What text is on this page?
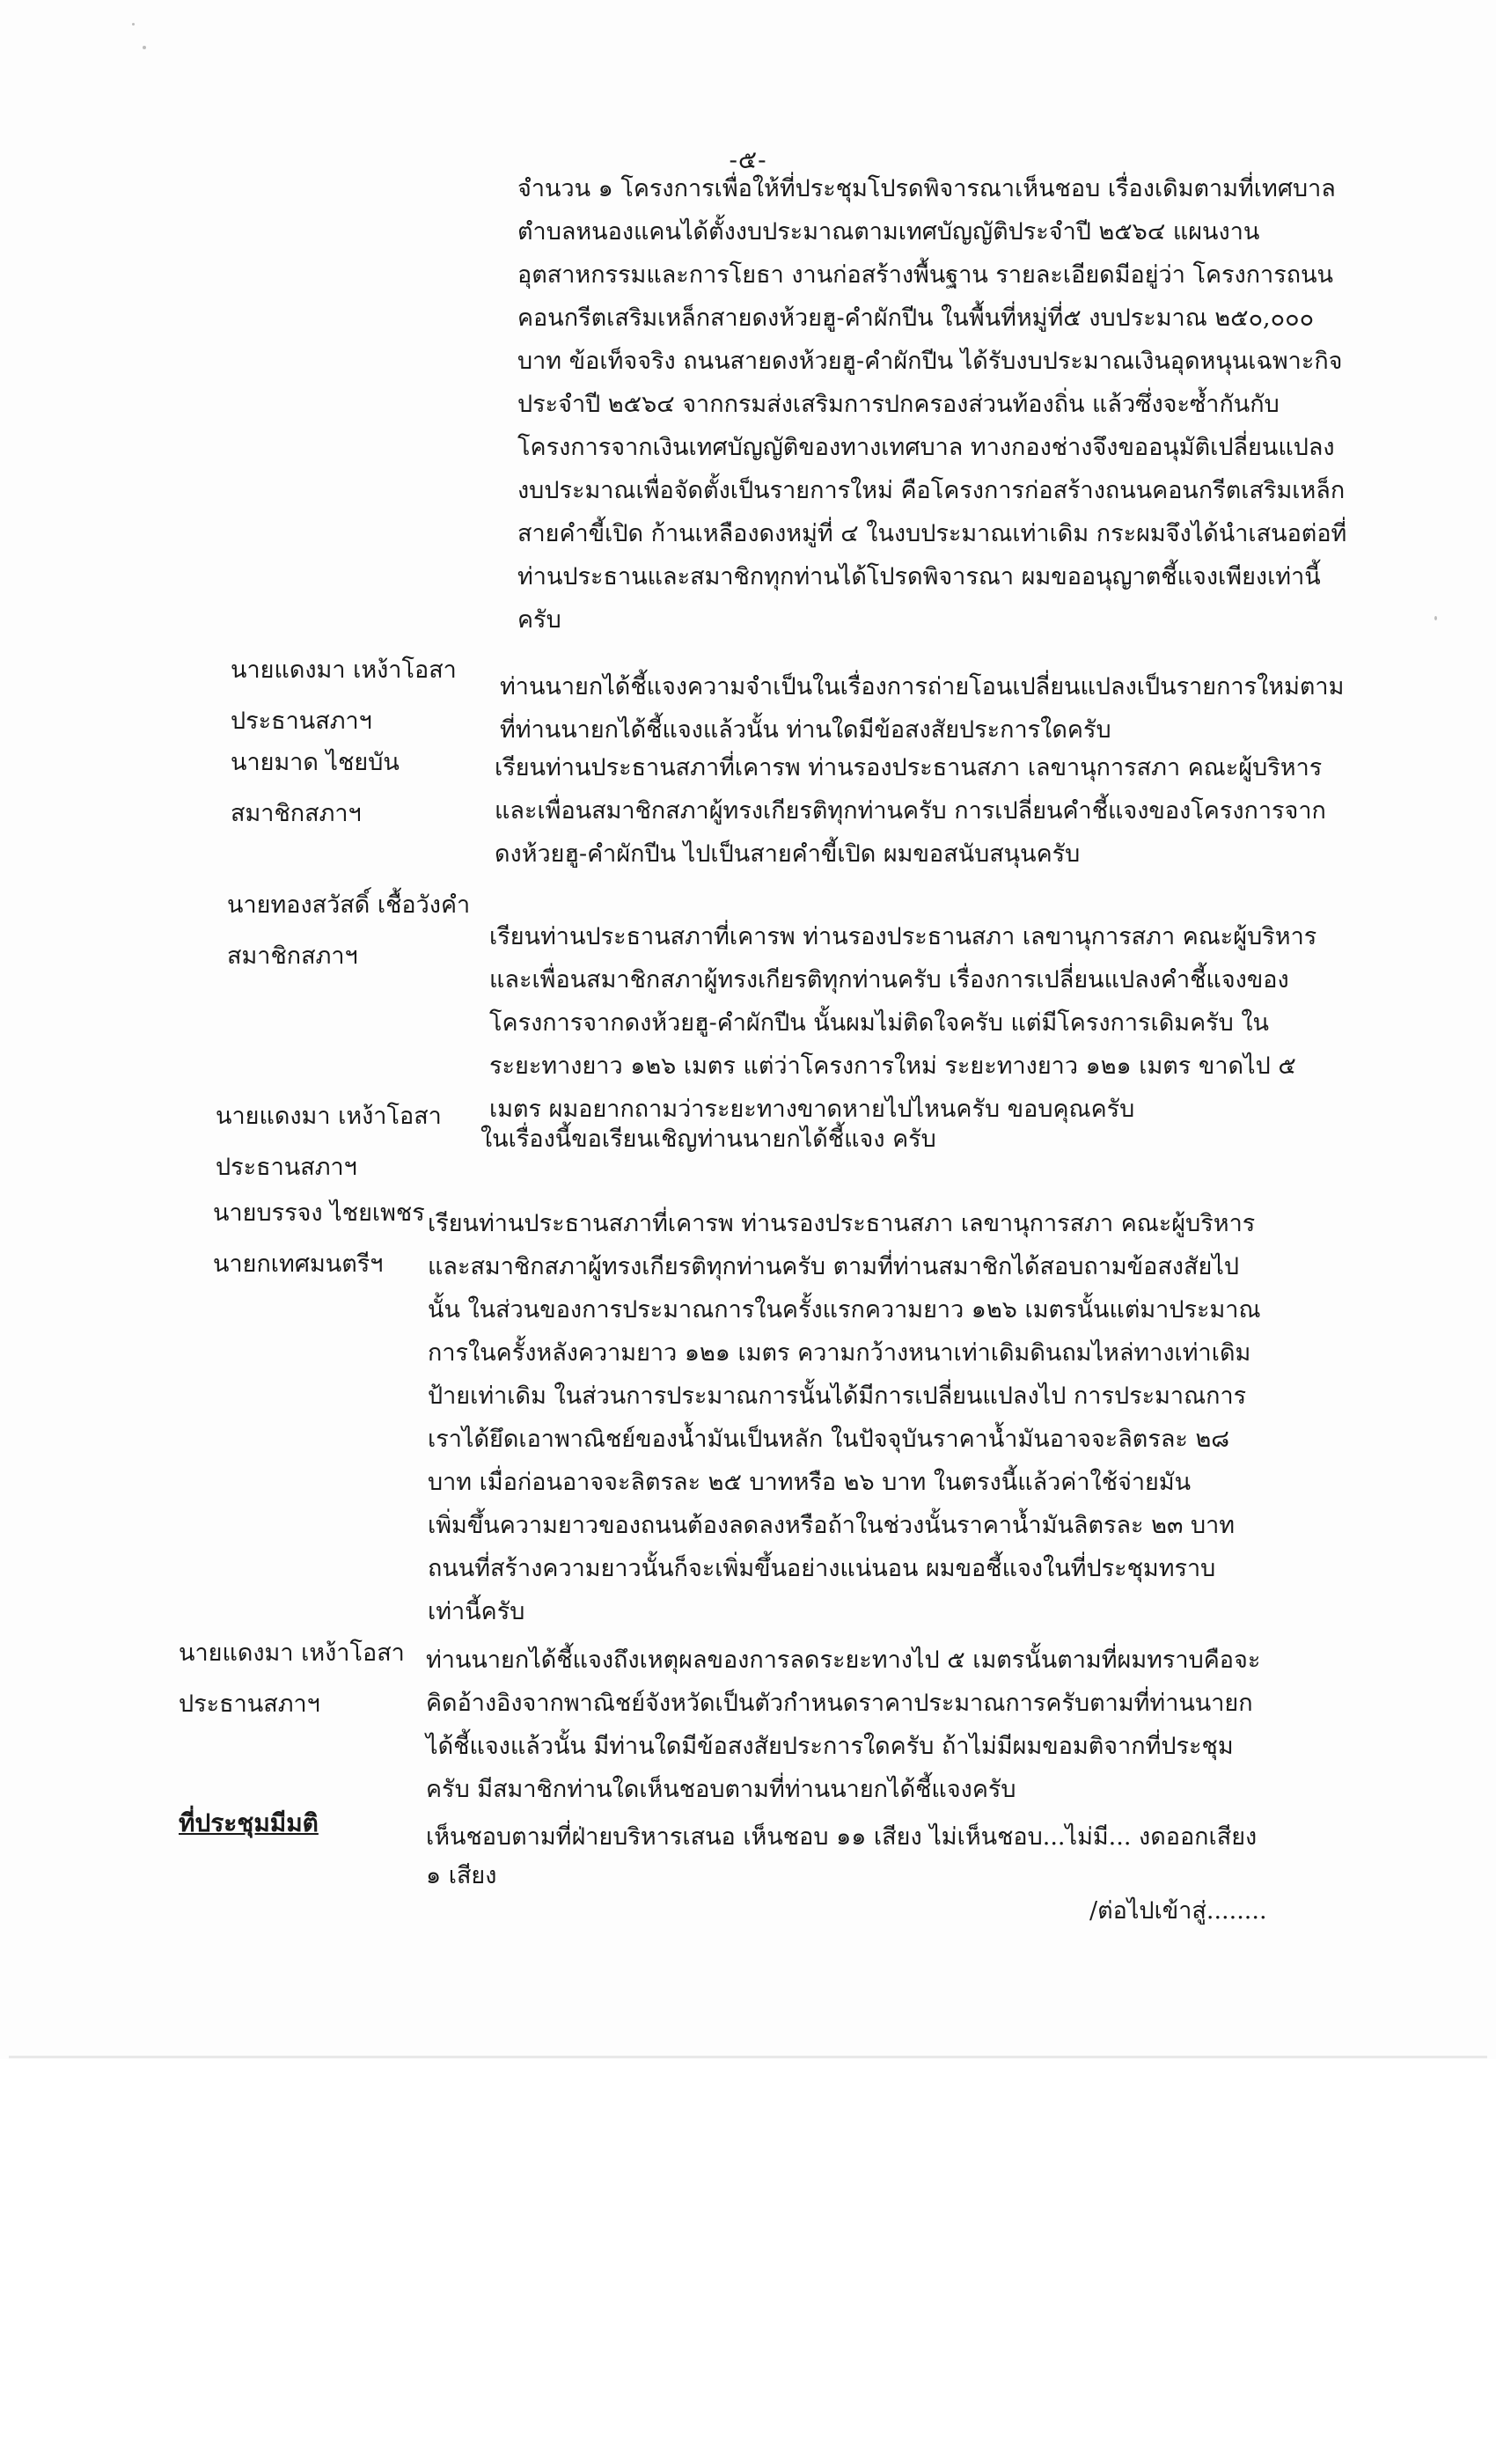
-๕-
จำนวน ๑ โครงการเพื่อให้ที่ประชุมโปรดพิจารณาเห็นชอบ เรื่องเดิมตามที่เทศบาล
ตำบลหนองแคนได้ตั้งงบประมาณตามเทศบัญญัติประจำปี ๒๕๖๔ แผนงาน
อุตสาหกรรมและการโยธา งานก่อสร้างพื้นฐาน รายละเอียดมีอยู่ว่า โครงการถนน
คอนกรีตเสริมเหล็กสายดงห้วยฮู-คำผักปีน ในพื้นที่หมู่ที่๕ งบประมาณ ๒๕๐,๐๐๐
บาท ข้อเท็จจริง ถนนสายดงห้วยฮู-คำผักปีน ได้รับงบประมาณเงินอุดหนุนเฉพาะกิจ
ประจำปี ๒๕๖๔ จากกรมส่งเสริมการปกครองส่วนท้องถิ่น แล้วซึ่งจะซ้ำกันกับ
โครงการจากเงินเทศบัญญัติของทางเทศบาล ทางกองช่างจึงขออนุมัติเปลี่ยนแปลง
งบประมาณเพื่อจัดตั้งเป็นรายการใหม่ คือโครงการก่อสร้างถนนคอนกรีตเสริมเหล็ก
สายคำขี้เปิด ก้านเหลืองดงหมู่ที่ ๔ ในงบประมาณเท่าเดิม กระผมจึงได้นำเสนอต่อที่
ท่านประธานและสมาชิกทุกท่านได้โปรดพิจารณา ผมขออนุญาตชี้แจงเพียงเท่านี้
ครับ
นายแดงมา เหง้าโอสา
ประธานสภาฯ
ท่านนายกได้ชี้แจงความจำเป็นในเรื่องการถ่ายโอนเปลี่ยนแปลงเป็นรายการใหม่ตาม
ที่ท่านนายกได้ชี้แจงแล้วนั้น ท่านใดมีข้อสงสัยประการใดครับ
นายมาด ไชยบัน
สมาชิกสภาฯ
เรียนท่านประธานสภาที่เคารพ ท่านรองประธานสภา เลขานุการสภา คณะผู้บริหาร
และเพื่อนสมาชิกสภาผู้ทรงเกียรติทุกท่านครับ การเปลี่ยนคำชี้แจงของโครงการจาก
ดงห้วยฮู-คำผักปีน ไปเป็นสายคำขี้เปิด ผมขอสนับสนุนครับ
นายทองสวัสดิ์ เชื้อวังคำ
สมาชิกสภาฯ
เรียนท่านประธานสภาที่เคารพ ท่านรองประธานสภา เลขานุการสภา คณะผู้บริหาร
และเพื่อนสมาชิกสภาผู้ทรงเกียรติทุกท่านครับ เรื่องการเปลี่ยนแปลงคำชี้แจงของ
โครงการจากดงห้วยฮู-คำผักปีน นั้นผมไม่ติดใจครับ แต่มีโครงการเดิมครับ ใน
ระยะทางยาว ๑๒๖ เมตร แต่ว่าโครงการใหม่ ระยะทางยาว ๑๒๑ เมตร ขาดไป ๕
เมตร ผมอยากถามว่าระยะทางขาดหายไปไหนครับ ขอบคุณครับ
นายแดงมา เหง้าโอสา
ประธานสภาฯ
ในเรื่องนี้ขอเรียนเชิญท่านนายกได้ชี้แจง ครับ
นายบรรจง ไชยเพชร
นายกเทศมนตรีฯ
เรียนท่านประธานสภาที่เคารพ ท่านรองประธานสภา เลขานุการสภา คณะผู้บริหาร
และสมาชิกสภาผู้ทรงเกียรติทุกท่านครับ ตามที่ท่านสมาชิกได้สอบถามข้อสงสัยไป
นั้น ในส่วนของการประมาณการในครั้งแรกความยาว ๑๒๖ เมตรนั้นแต่มาประมาณ
การในครั้งหลังความยาว ๑๒๑ เมตร ความกว้างหนาเท่าเดิมดินถมไหล่ทางเท่าเดิม
ป้ายเท่าเดิม ในส่วนการประมาณการนั้นได้มีการเปลี่ยนแปลงไป การประมาณการ
เราได้ยึดเอาพาณิชย์ของน้ำมันเป็นหลัก ในปัจจุบันราคาน้ำมันอาจจะลิตรละ ๒๘
บาท เมื่อก่อนอาจจะลิตรละ ๒๕ บาทหรือ ๒๖ บาท ในตรงนี้แล้วค่าใช้จ่ายมัน
เพิ่มขึ้นความยาวของถนนต้องลดลงหรือถ้าในช่วงนั้นราคาน้ำมันลิตรละ ๒๓ บาท
ถนนที่สร้างความยาวนั้นก็จะเพิ่มขึ้นอย่างแน่นอน ผมขอชี้แจงในที่ประชุมทราบ
เท่านี้ครับ
นายแดงมา เหง้าโอสา
ประธานสภาฯ
ท่านนายกได้ชี้แจงถึงเหตุผลของการลดระยะทางไป ๕ เมตรนั้นตามที่ผมทราบคือจะ
คิดอ้างอิงจากพาณิชย์จังหวัดเป็นตัวกำหนดราคาประมาณการครับตามที่ท่านนายก
ได้ชี้แจงแล้วนั้น มีท่านใดมีข้อสงสัยประการใดครับ ถ้าไม่มีผมขอมติจากที่ประชุม
ครับ มีสมาชิกท่านใดเห็นชอบตามที่ท่านนายกได้ชี้แจงครับ
ที่ประชุมมีมติ	เห็นชอบตามที่ฝ่ายบริหารเสนอ เห็นชอบ ๑๑ เสียง ไม่เห็นชอบ...ไม่มี... งดออกเสียง
๑ เสียง
/ต่อไปเข้าสู่........
